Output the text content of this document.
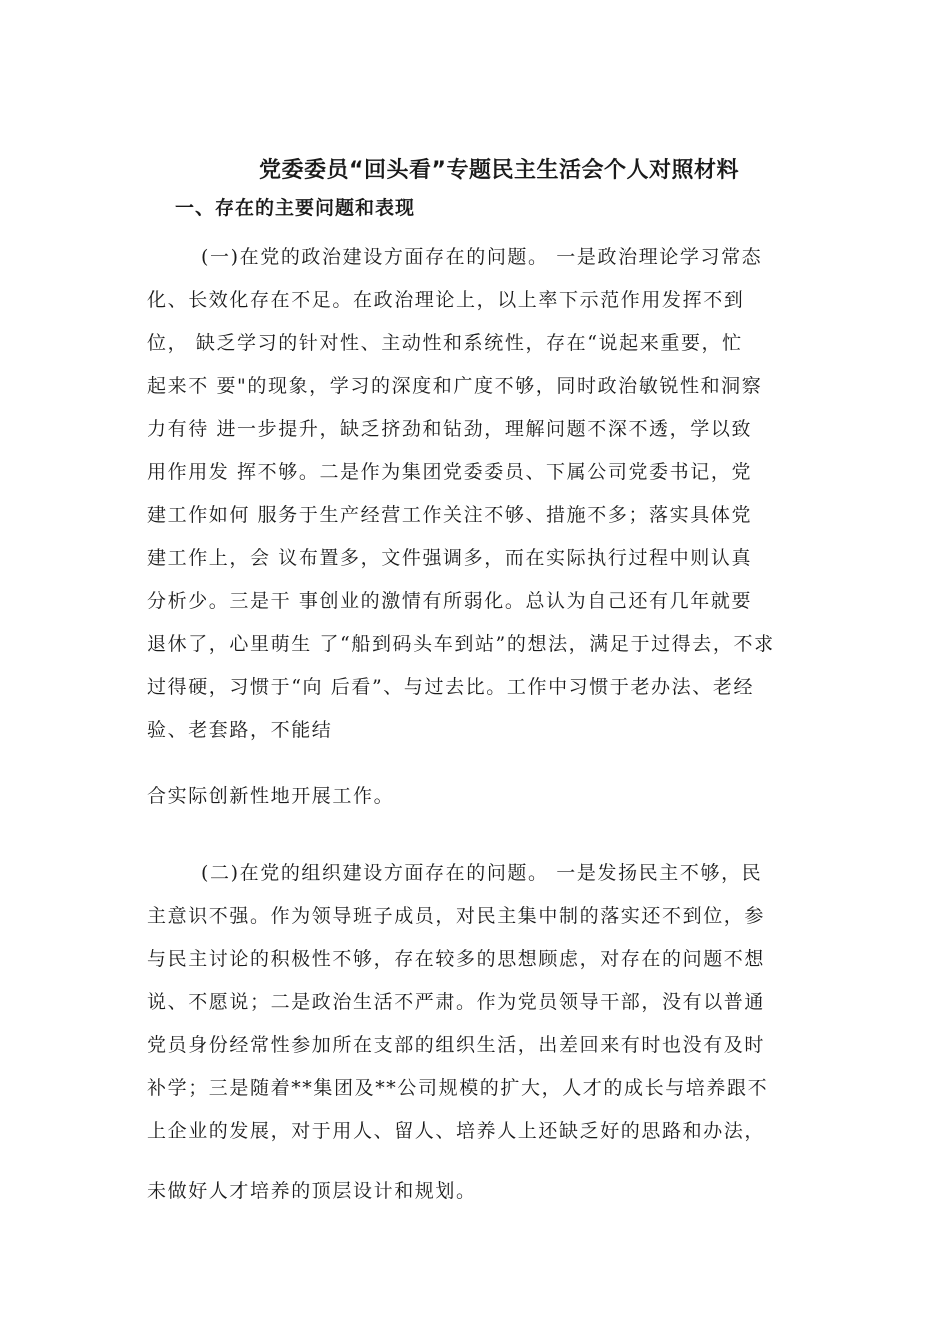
党委委员“回头看”专题民主生活会个人对照材料
一、存在的主要问题和表现
(一)在党的政治建设方面存在的问题。 一是政治理论学习常态
化、长效化存在不足。在政治理论上，以上率下示范作用发挥不到
位， 缺乏学习的针对性、主动性和系统性，存在“说起来重要，忙
起来不 要"的现象，学习的深度和广度不够，同时政治敏锐性和洞察
力有待 进一步提升，缺乏挤劲和钻劲，理解问题不深不透，学以致
用作用发 挥不够。二是作为集团党委委员、下属公司党委书记，党
建工作如何 服务于生产经营工作关注不够、措施不多；落实具体党
建工作上，会 议布置多，文件强调多，而在实际执行过程中则认真
分析少。三是干 事创业的激情有所弱化。总认为自己还有几年就要
退休了，心里萌生 了“船到码头车到站”的想法，满足于过得去，不求
过得硬，习惯于“向 后看”、与过去比。工作中习惯于老办法、老经
验、老套路，不能结
合实际创新性地开展工作。
(二)在党的组织建设方面存在的问题。 一是发扬民主不够，民
主意识不强。作为领导班子成员，对民主集中制的落实还不到位，参
与民主讨论的积极性不够，存在较多的思想顾虑，对存在的问题不想
说、不愿说；二是政治生活不严肃。作为党员领导干部，没有以普通
党员身份经常性参加所在支部的组织生活，出差回来有时也没有及时
补学；三是随着**集团及**公司规模的扩大，人才的成长与培养跟不
上企业的发展，对于用人、留人、培养人上还缺乏好的思路和办法，
未做好人才培养的顶层设计和规划。
